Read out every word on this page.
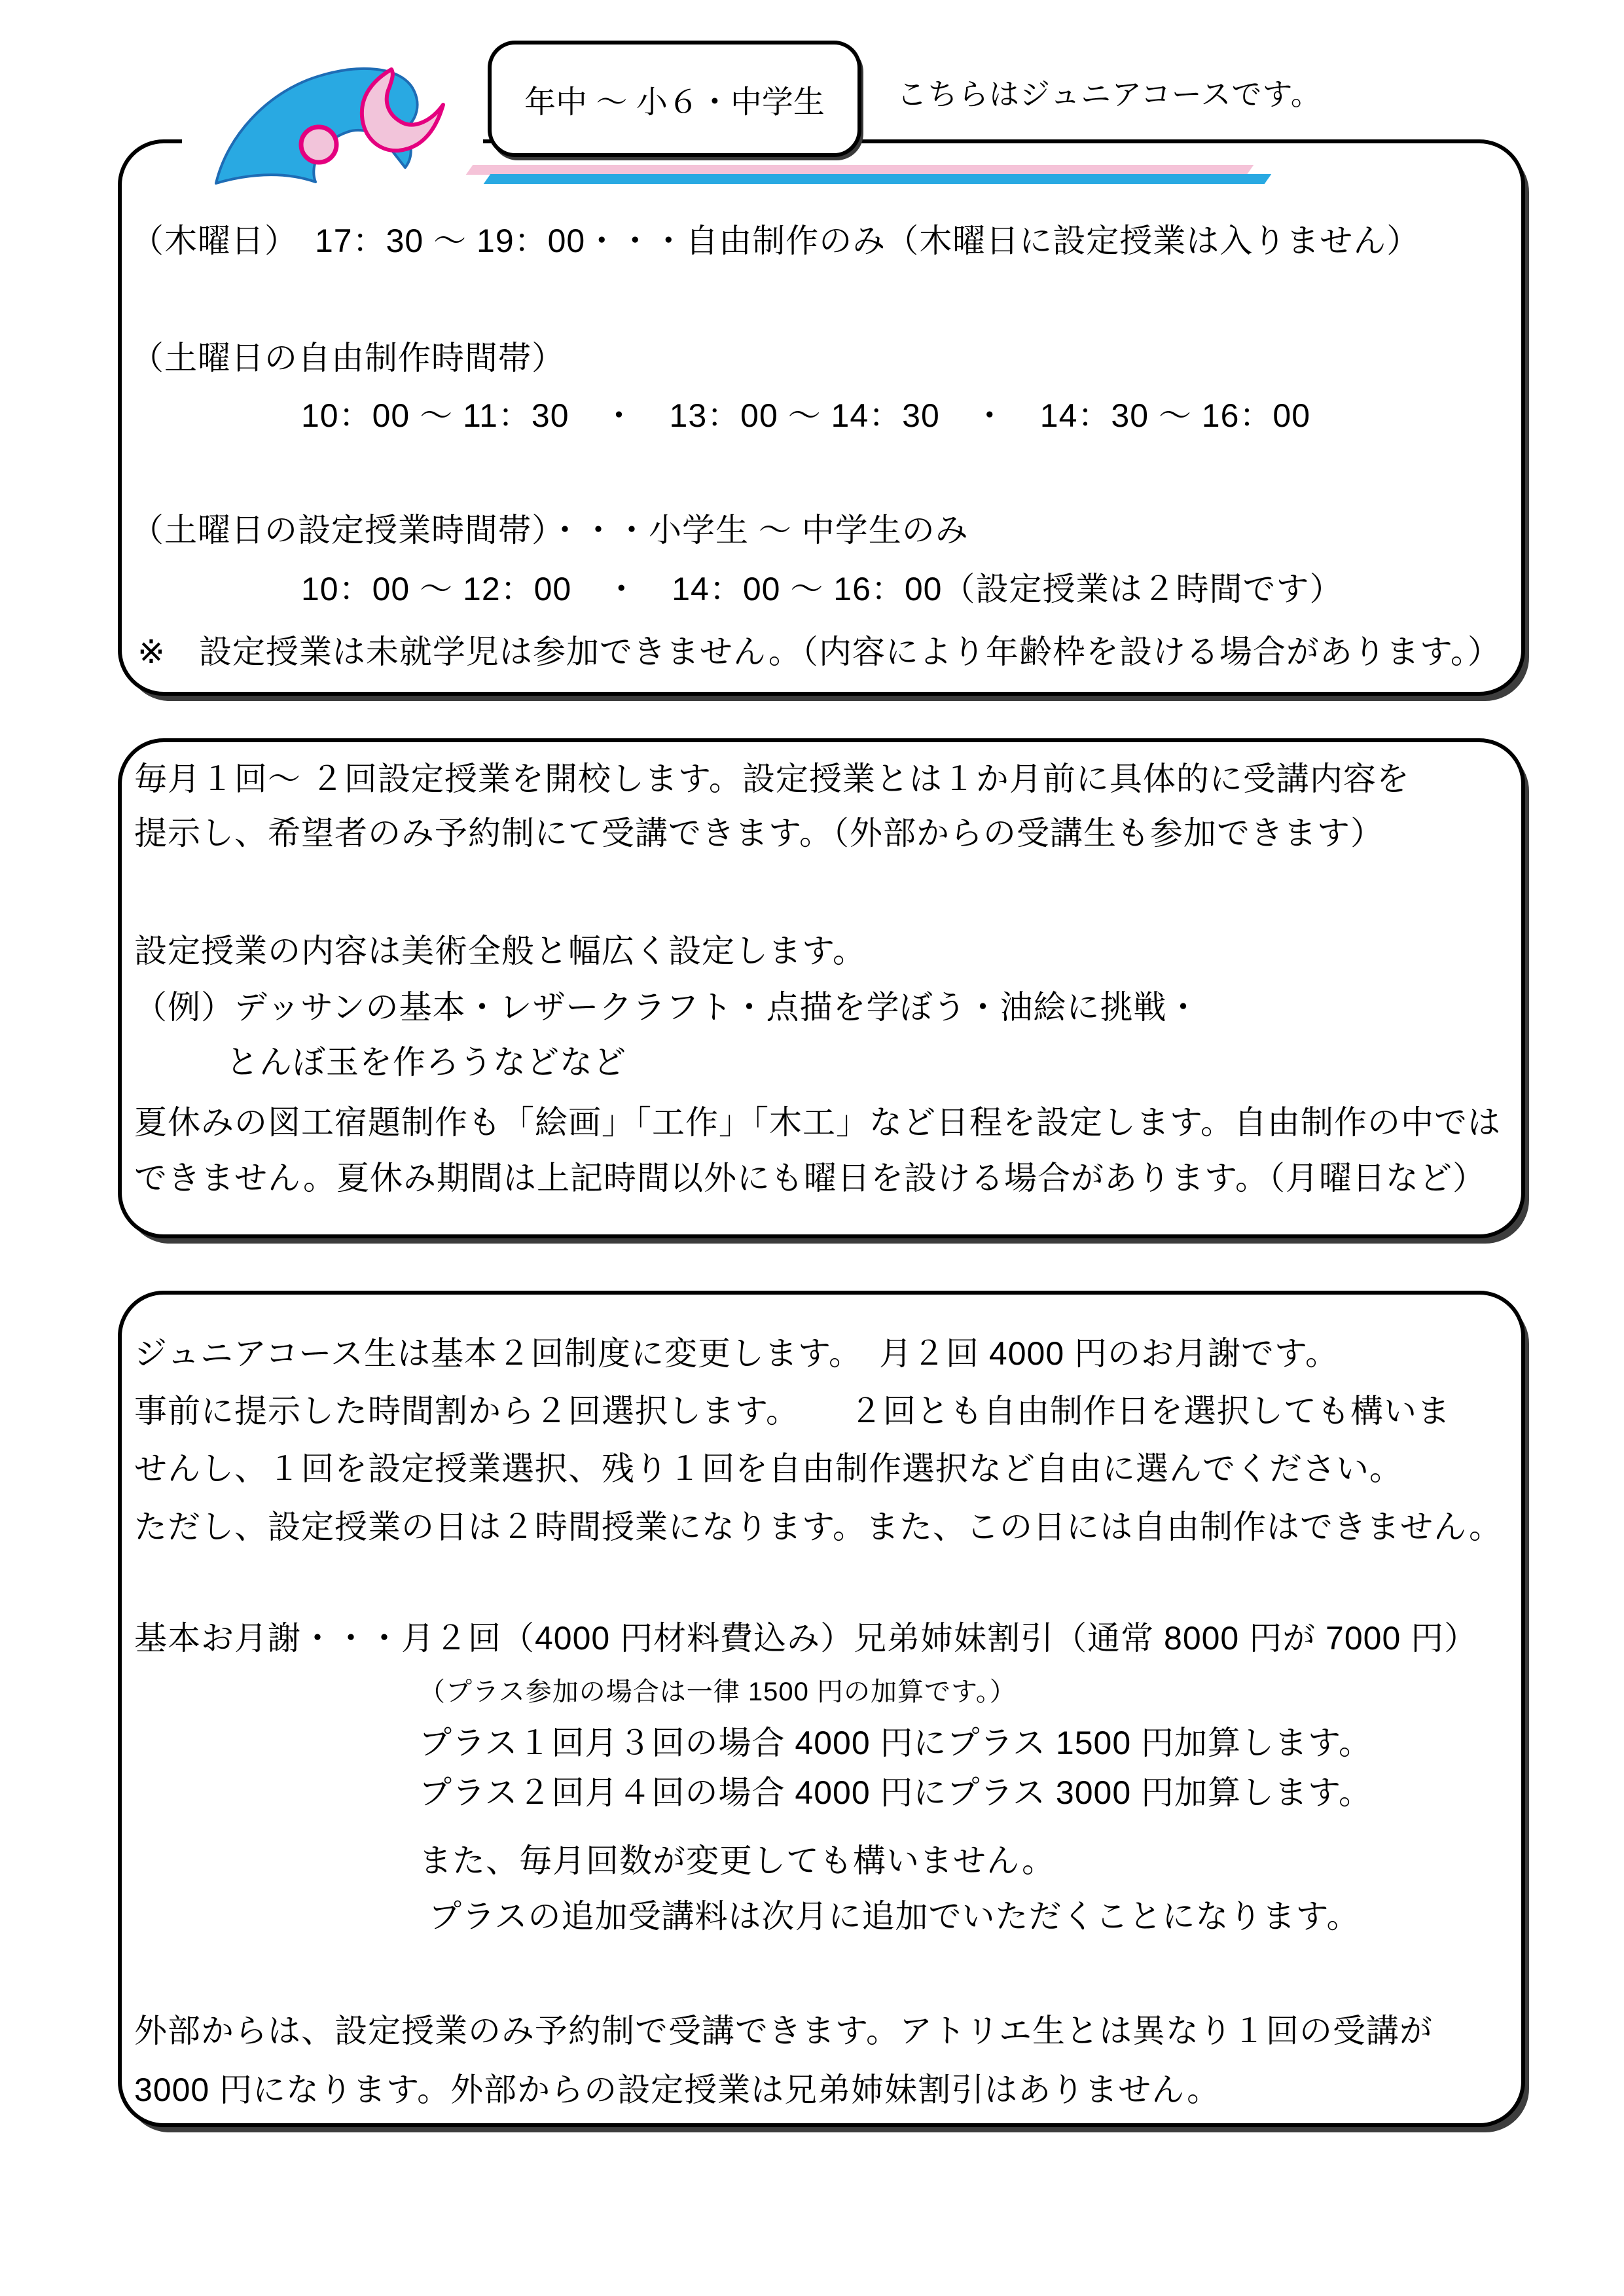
年中 ～ 小６・中学生 こちらはジュニアコースです。
（木曜日）　17：30 ～ 19：00・・・自由制作のみ（木曜日に設定授業は入りません）
（土曜日の自由制作時間帯）
10：00 ～ 11：30　・　13：00 ～ 14：30　・　14：30 ～ 16：00
（土曜日の設定授業時間帯）・・・小学生 ～ 中学生のみ
10：00 ～ 12：00　・　14：00 ～ 16：00（設定授業は２時間です）
※　設定授業は未就学児は参加できません。（内容により年齢枠を設ける場合があります。）
毎月１回～ ２回設定授業を開校します。設定授業とは１か月前に具体的に受講内容を
提示し、希望者のみ予約制にて受講できます。（外部からの受講生も参加できます）
設定授業の内容は美術全般と幅広く設定します。
（例）デッサンの基本・レザークラフト・点描を学ぼう・油絵に挑戦・
とんぼ玉を作ろうなどなど
夏休みの図工宿題制作も「絵画」「工作」「木工」など日程を設定します。自由制作の中では
できません。夏休み期間は上記時間以外にも曜日を設ける場合があります。（月曜日など）
ジュニアコース生は基本２回制度に変更します。　月２回 4000 円のお月謝です。
事前に提示した時間割から２回選択します。　　２回とも自由制作日を選択しても構いま
せんし、１回を設定授業選択、残り１回を自由制作選択など自由に選んでください。
ただし、設定授業の日は２時間授業になります。また、この日には自由制作はできません。
基本お月謝・・・月２回（4000 円材料費込み）兄弟姉妹割引（通常 8000 円が 7000 円）
（プラス参加の場合は一律 1500 円の加算です。）
プラス１回月３回の場合 4000 円にプラス 1500 円加算します。
プラス２回月４回の場合 4000 円にプラス 3000 円加算します。
また、毎月回数が変更しても構いません。
プラスの追加受講料は次月に追加でいただくことになります。
外部からは、設定授業のみ予約制で受講できます。アトリエ生とは異なり１回の受講が
3000 円になります。外部からの設定授業は兄弟姉妹割引はありません。
